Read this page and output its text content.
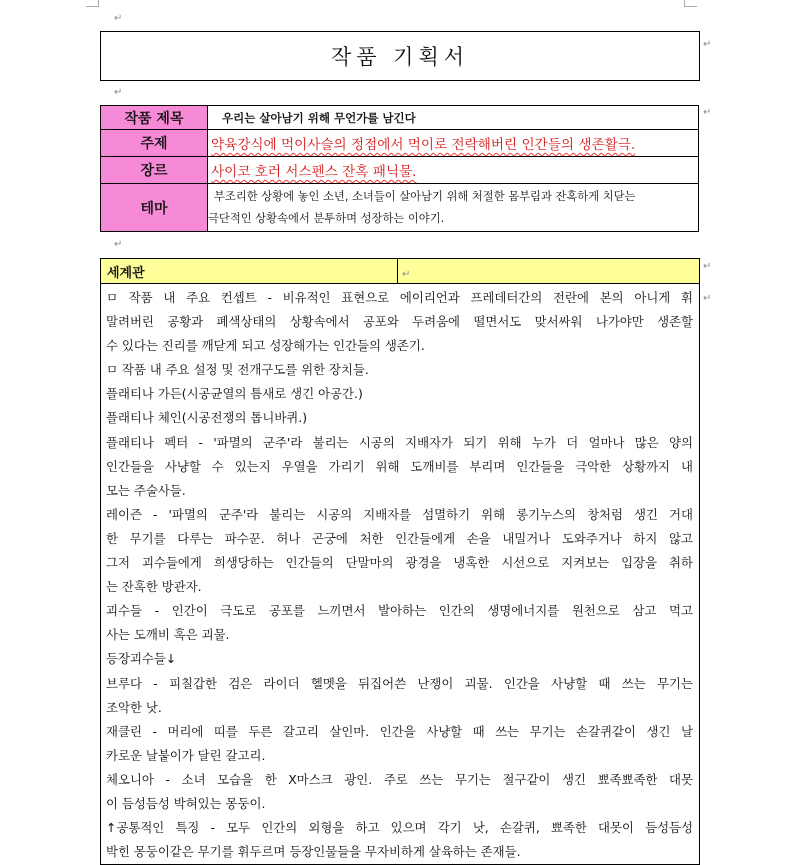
↵
↵
↵
↵
↵
↵
↵
작품 기획서
작품 제목	우리는 살아남기 위해 무언가를 남긴다
주제	약육강식에 먹이사슬의 정점에서 먹이로 전락해버린 인간들의 생존활극.
장르	사이코 호러 서스펜스 잔혹 패닉물.
테마	부조리한 상황에 놓인 소년, 소녀들이 살아남기 위해 처절한 몸부림과 잔혹하게 치닫는
극단적인 상황속에서 분투하며 성장하는 이야기.
세계관	↵

ㅁ 작품 내 주요 컨셉트 - 비유적인 표현으로 에이리언과 프레데터간의 전란에 본의 아니게 휘
말려버린 공황과 폐색상태의 상황속에서 공포와 두려움에 떨면서도 맞서싸워 나가야만 생존할
수 있다는 진리를 깨닫게 되고 성장해가는 인간들의 생존기.
ㅁ 작품 내 주요 설정 및 전개구도를 위한 장치들.
플래티나 가든(시공균열의 틈새로 생긴 아공간.)
플래티나 체인(시공전쟁의 톱니바퀴.)
플래티나 펙터 - '파멸의 군주'라 불리는 시공의 지배자가 되기 위해 누가 더 얼마나 많은 양의
인간들을 사냥할 수 있는지 우열을 가리기 위해 도깨비를 부리며 인간들을 극악한 상황까지 내
모는 주술사들.
레이즌 - '파멸의 군주'라 불리는 시공의 지배자를 섬멸하기 위해 롱기누스의 창처럼 생긴 거대
한 무기를 다루는 파수꾼. 허나 곤궁에 처한 인간들에게 손을 내밀거나 도와주거나 하지 않고
그저 괴수들에게 희생당하는 인간들의 단말마의 광경을 냉혹한 시선으로 지켜보는 입장을 취하
는 잔혹한 방관자.
괴수들 - 인간이 극도로 공포를 느끼면서 발아하는 인간의 생명에너지를 원천으로 삼고 먹고
사는 도깨비 혹은 괴물.
등장괴수들↓
브루다 - 피칠갑한 검은 라이더 헬멧을 뒤집어쓴 난쟁이 괴물. 인간을 사냥할 때 쓰는 무기는
조악한 낫.
재클린 - 머리에 띠를 두른 갈고리 살인마. 인간을 사냥할 때 쓰는 무기는 손갈퀴같이 생긴 날
카로운 날붙이가 달린 갈고리.
체오니아 - 소녀 모습을 한 X마스크 광인. 주로 쓰는 무기는 절구같이 생긴 뾰족뾰족한 대못
이 듬성듬성 박혀있는 몽둥이.
↑공통적인 특징 - 모두 인간의 외형을 하고 있으며 각기 낫, 손갈퀴, 뾰족한 대못이 듬성듬성
박힌 몽둥이같은 무기를 휘두르며 등장인물들을 무자비하게 살육하는 존재들.
